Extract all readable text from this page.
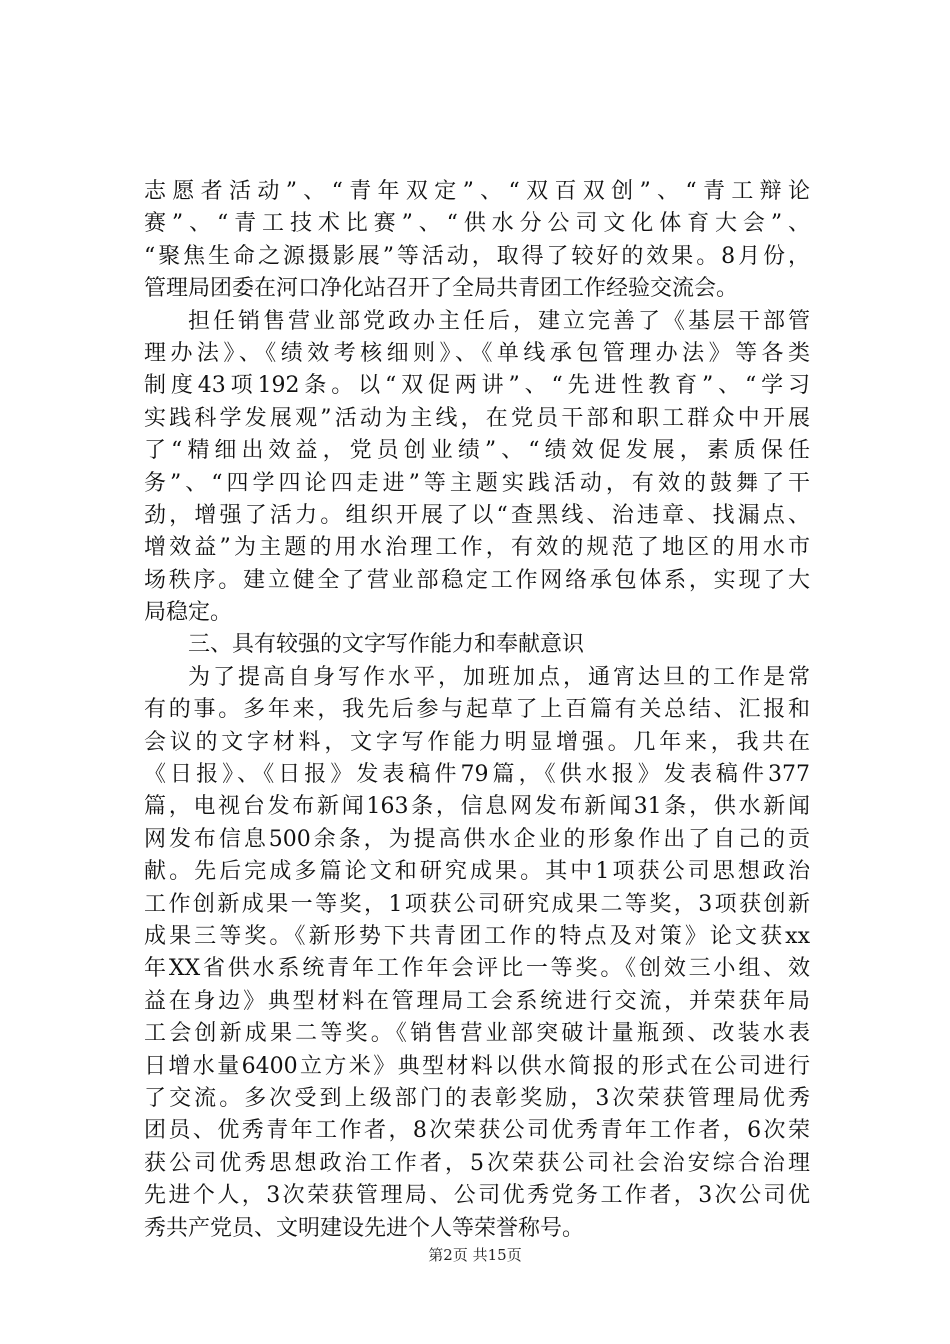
志愿者活动”、“青年双定”、“双百双创”、“青工辩论
赛”、“青工技术比赛”、“供水分公司文化体育大会”、
“聚焦生命之源摄影展”等活动，取得了较好的效果。8月份，
管理局团委在河口净化站召开了全局共青团工作经验交流会。
担任销售营业部党政办主任后，建立完善了《基层干部管
理办法》、《绩效考核细则》、《单线承包管理办法》等各类
制度43项192条。以“双促两讲”、“先进性教育”、“学习
实践科学发展观”活动为主线，在党员干部和职工群众中开展
了“精细出效益，党员创业绩”、“绩效促发展，素质保任
务”、“四学四论四走进”等主题实践活动，有效的鼓舞了干
劲，增强了活力。组织开展了以“查黑线、治违章、找漏点、
增效益”为主题的用水治理工作，有效的规范了地区的用水市
场秩序。建立健全了营业部稳定工作网络承包体系，实现了大
局稳定。
三、具有较强的文字写作能力和奉献意识
为了提高自身写作水平，加班加点，通宵达旦的工作是常
有的事。多年来，我先后参与起草了上百篇有关总结、汇报和
会议的文字材料，文字写作能力明显增强。几年来，我共在
《日报》、《日报》发表稿件79篇，《供水报》发表稿件377
篇，电视台发布新闻163条，信息网发布新闻31条，供水新闻
网发布信息500余条，为提高供水企业的形象作出了自己的贡
献。先后完成多篇论文和研究成果。其中1项获公司思想政治
工作创新成果一等奖，1项获公司研究成果二等奖，3项获创新
成果三等奖。《新形势下共青团工作的特点及对策》论文获xx
年XX省供水系统青年工作年会评比一等奖。《创效三小组、效
益在身边》典型材料在管理局工会系统进行交流，并荣获年局
工会创新成果二等奖。《销售营业部突破计量瓶颈、改装水表
日增水量6400立方米》典型材料以供水简报的形式在公司进行
了交流。多次受到上级部门的表彰奖励，3次荣获管理局优秀
团员、优秀青年工作者，8次荣获公司优秀青年工作者，6次荣
获公司优秀思想政治工作者，5次荣获公司社会治安综合治理
先进个人，3次荣获管理局、公司优秀党务工作者，3次公司优
秀共产党员、文明建设先进个人等荣誉称号。
第2页 共15页
